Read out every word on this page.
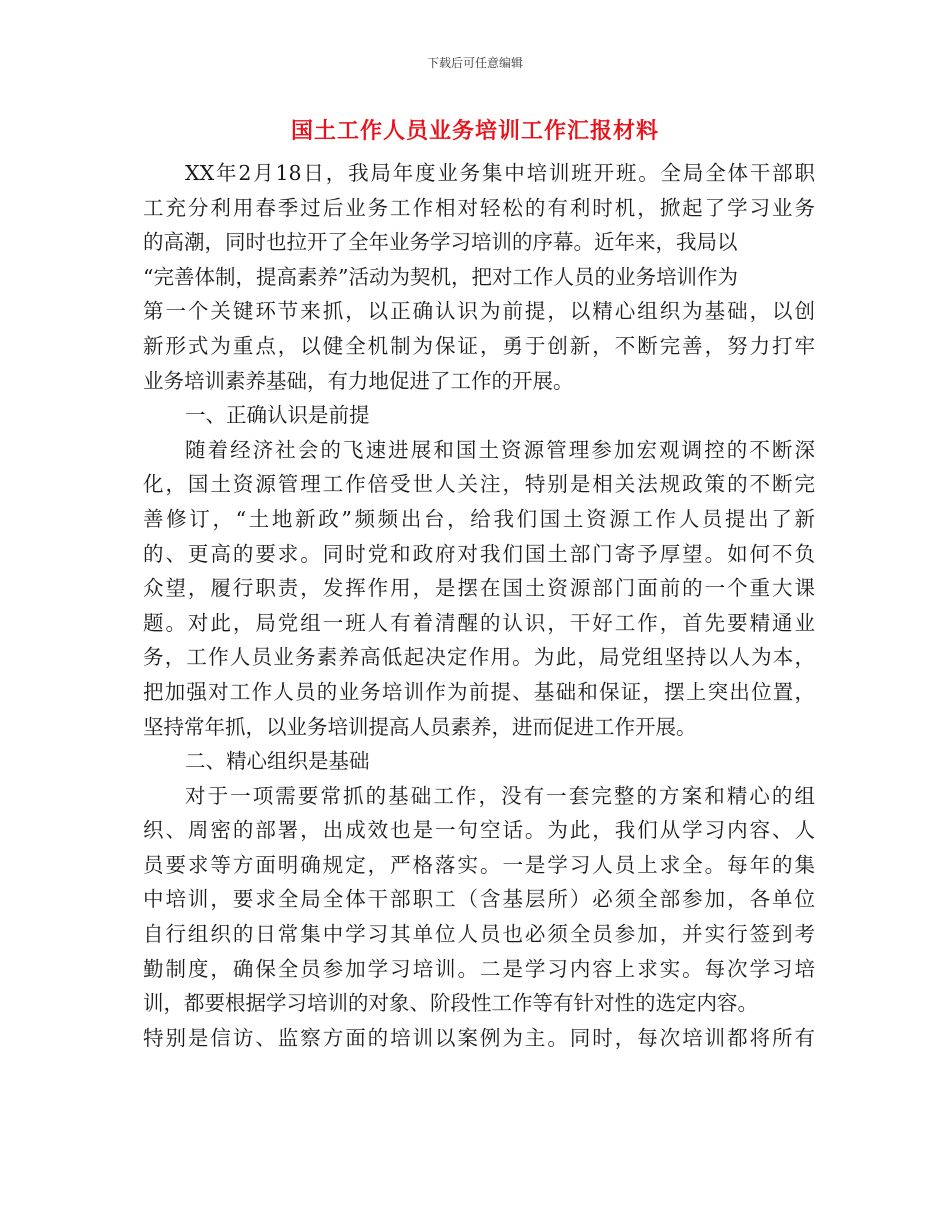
下载后可任意编辑
国土工作人员业务培训工作汇报材料
XX年2月18日，我局年度业务集中培训班开班。全局全体干部职
工充分利用春季过后业务工作相对轻松的有利时机，掀起了学习业务
的高潮，同时也拉开了全年业务学习培训的序幕。近年来，我局以
“完善体制，提高素养”活动为契机，把对工作人员的业务培训作为
第一个关键环节来抓，以正确认识为前提，以精心组织为基础，以创
新形式为重点，以健全机制为保证，勇于创新，不断完善，努力打牢
业务培训素养基础，有力地促进了工作的开展。
一、正确认识是前提
随着经济社会的飞速进展和国土资源管理参加宏观调控的不断深
化，国土资源管理工作倍受世人关注，特别是相关法规政策的不断完
善修订，“土地新政”频频出台，给我们国土资源工作人员提出了新
的、更高的要求。同时党和政府对我们国土部门寄予厚望。如何不负
众望，履行职责，发挥作用，是摆在国土资源部门面前的一个重大课
题。对此，局党组一班人有着清醒的认识，干好工作，首先要精通业
务，工作人员业务素养高低起决定作用。为此，局党组坚持以人为本，
把加强对工作人员的业务培训作为前提、基础和保证，摆上突出位置，
坚持常年抓，以业务培训提高人员素养，进而促进工作开展。
二、精心组织是基础
对于一项需要常抓的基础工作，没有一套完整的方案和精心的组
织、周密的部署，出成效也是一句空话。为此，我们从学习内容、人
员要求等方面明确规定，严格落实。一是学习人员上求全。每年的集
中培训，要求全局全体干部职工（含基层所）必须全部参加，各单位
自行组织的日常集中学习其单位人员也必须全员参加，并实行签到考
勤制度，确保全员参加学习培训。二是学习内容上求实。每次学习培
训，都要根据学习培训的对象、阶段性工作等有针对性的选定内容。
特别是信访、监察方面的培训以案例为主。同时，每次培训都将所有
